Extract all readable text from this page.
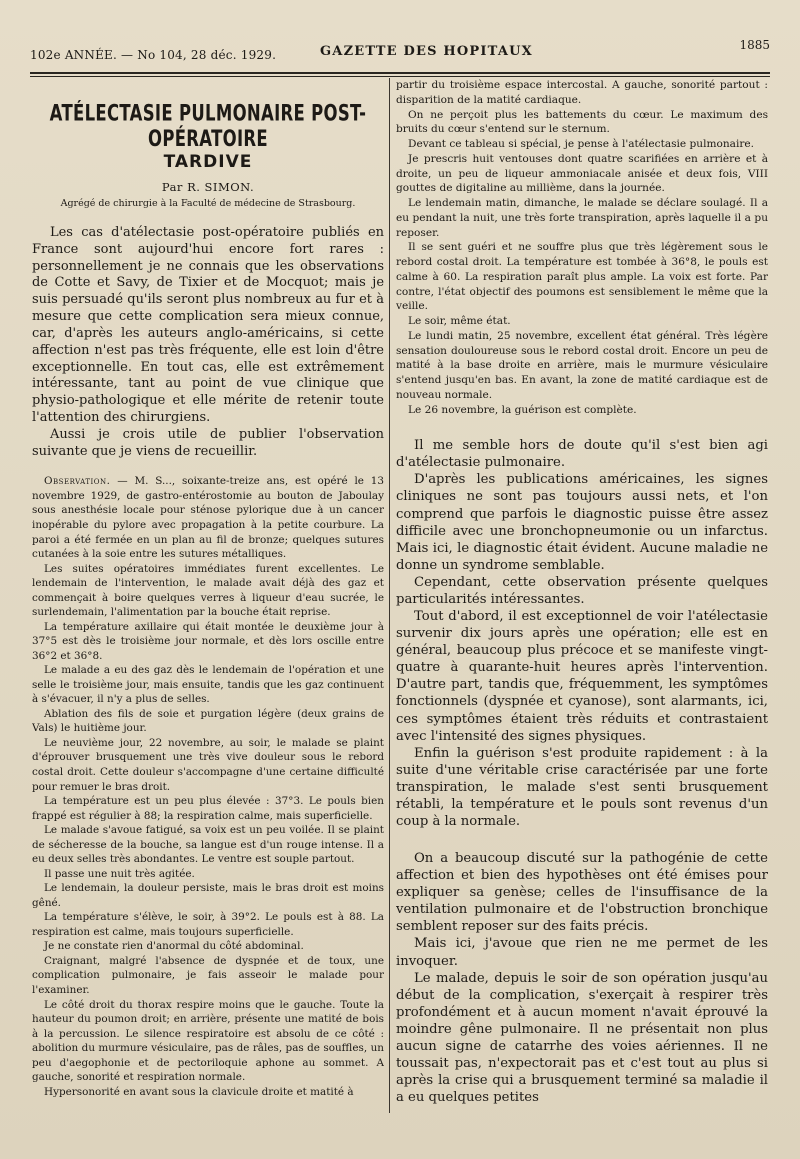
102e ANNÉE. — No 104, 28 déc. 1929.	GAZETTE DES HOPITAUX	1885
ATÉLECTASIE PULMONAIRE POST-OPÉRATOIRE
TARDIVE
Par R. SIMON.
Agrégé de chirurgie à la Faculté de médecine de Strasbourg.

Les cas d'atélectasie post-opératoire publiés en France sont aujourd'hui encore fort rares : personnellement je ne connais que les observations de Cotte et Savy, de Tixier et de Mocquot; mais je suis persuadé qu'ils seront plus nombreux au fur et à mesure que cette complication sera mieux connue, car, d'après les auteurs anglo-américains, si cette affection n'est pas très fréquente, elle est loin d'être exceptionnelle. En tout cas, elle est extrêmement intéressante, tant au point de vue clinique que physio-pathologique et elle mérite de retenir toute l'attention des chirurgiens.

Aussi je crois utile de publier l'observation suivante que je viens de recueillir.

Observation. — M. S..., soixante-treize ans, est opéré le 13 novembre 1929, de gastro-entérostomie au bouton de Jaboulay sous anesthésie locale pour sténose pylorique due à un cancer inopérable du pylore avec propagation à la petite courbure. La paroi a été fermée en un plan au fil de bronze; quelques sutures cutanées à la soie entre les sutures métalliques.

Les suites opératoires immédiates furent excellentes. Le lendemain de l'intervention, le malade avait déjà des gaz et commençait à boire quelques verres à liqueur d'eau sucrée, le surlendemain, l'alimentation par la bouche était reprise.

La température axillaire qui était montée le deuxième jour à 37°5 est dès le troisième jour normale, et dès lors oscille entre 36°2 et 36°8.

Le malade a eu des gaz dès le lendemain de l'opération et une selle le troisième jour, mais ensuite, tandis que les gaz continuent à s'évacuer, il n'y a plus de selles.

Ablation des fils de soie et purgation légère (deux grains de Vals) le huitième jour.

Le neuvième jour, 22 novembre, au soir, le malade se plaint d'éprouver brusquement une très vive douleur sous le rebord costal droit. Cette douleur s'accompagne d'une certaine difficulté pour remuer le bras droit.

La température est un peu plus élevée : 37°3. Le pouls bien frappé est régulier à 88; la respiration calme, mais superficielle.

Le malade s'avoue fatigué, sa voix est un peu voilée. Il se plaint de sécheresse de la bouche, sa langue est d'un rouge intense. Il a eu deux selles très abondantes. Le ventre est souple partout.

Il passe une nuit très agitée.

Le lendemain, la douleur persiste, mais le bras droit est moins gêné.

La température s'élève, le soir, à 39°2. Le pouls est à 88. La respiration est calme, mais toujours superficielle.

Je ne constate rien d'anormal du côté abdominal.

Craignant, malgré l'absence de dyspnée et de toux, une complication pulmonaire, je fais asseoir le malade pour l'examiner.

Le côté droit du thorax respire moins que le gauche. Toute la hauteur du poumon droit; en arrière, présente une matité de bois à la percussion. Le silence respiratoire est absolu de ce côté : abolition du murmure vésiculaire, pas de râles, pas de souffles, un peu d'aegophonie et de pectoriloquie aphone au sommet. A gauche, sonorité et respiration normale.

Hypersonorité en avant sous la clavicule droite et matité à

partir du troisième espace intercostal. A gauche, sonorité partout : disparition de la matité cardiaque.

On ne perçoit plus les battements du cœur. Le maximum des bruits du cœur s'entend sur le sternum.

Devant ce tableau si spécial, je pense à l'atélectasie pulmonaire.

Je prescris huit ventouses dont quatre scarifiées en arrière et à droite, un peu de liqueur ammoniacale anisée et deux fois, VIII gouttes de digitaline au millième, dans la journée.

Le lendemain matin, dimanche, le malade se déclare soulagé. Il a eu pendant la nuit, une très forte transpiration, après laquelle il a pu reposer.

Il se sent guéri et ne souffre plus que très légèrement sous le rebord costal droit. La température est tombée à 36°8, le pouls est calme à 60. La respiration paraît plus ample. La voix est forte. Par contre, l'état objectif des poumons est sensiblement le même que la veille.

Le soir, même état.

Le lundi matin, 25 novembre, excellent état général. Très légère sensation douloureuse sous le rebord costal droit. Encore un peu de matité à la base droite en arrière, mais le murmure vésiculaire s'entend jusqu'en bas. En avant, la zone de matité cardiaque est de nouveau normale.

Le 26 novembre, la guérison est complète.

Il me semble hors de doute qu'il s'est bien agi d'atélectasie pulmonaire.

D'après les publications américaines, les signes cliniques ne sont pas toujours aussi nets, et l'on comprend que parfois le diagnostic puisse être assez difficile avec une bronchopneumonie ou un infarctus. Mais ici, le diagnostic était évident. Aucune maladie ne donne un syndrome semblable.

Cependant, cette observation présente quelques particularités intéressantes.

Tout d'abord, il est exceptionnel de voir l'atélectasie survenir dix jours après une opération; elle est en général, beaucoup plus précoce et se manifeste vingt-quatre à quarante-huit heures après l'intervention. D'autre part, tandis que, fréquemment, les symptômes fonctionnels (dyspnée et cyanose), sont alarmants, ici, ces symptômes étaient très réduits et contrastaient avec l'intensité des signes physiques.

Enfin la guérison s'est produite rapidement : à la suite d'une véritable crise caractérisée par une forte transpiration, le malade s'est senti brusquement rétabli, la température et le pouls sont revenus d'un coup à la normale.

On a beaucoup discuté sur la pathogénie de cette affection et bien des hypothèses ont été émises pour expliquer sa genèse; celles de l'insuffisance de la ventilation pulmonaire et de l'obstruction bronchique semblent reposer sur des faits précis.

Mais ici, j'avoue que rien ne me permet de les invoquer.

Le malade, depuis le soir de son opération jusqu'au début de la complication, s'exerçait à respirer très profondément et à aucun moment n'avait éprouvé la moindre gêne pulmonaire. Il ne présentait non plus aucun signe de catarrhe des voies aériennes. Il ne toussait pas, n'expectorait pas et c'est tout au plus si après la crise qui a brusquement terminé sa maladie il a eu quelques petites
